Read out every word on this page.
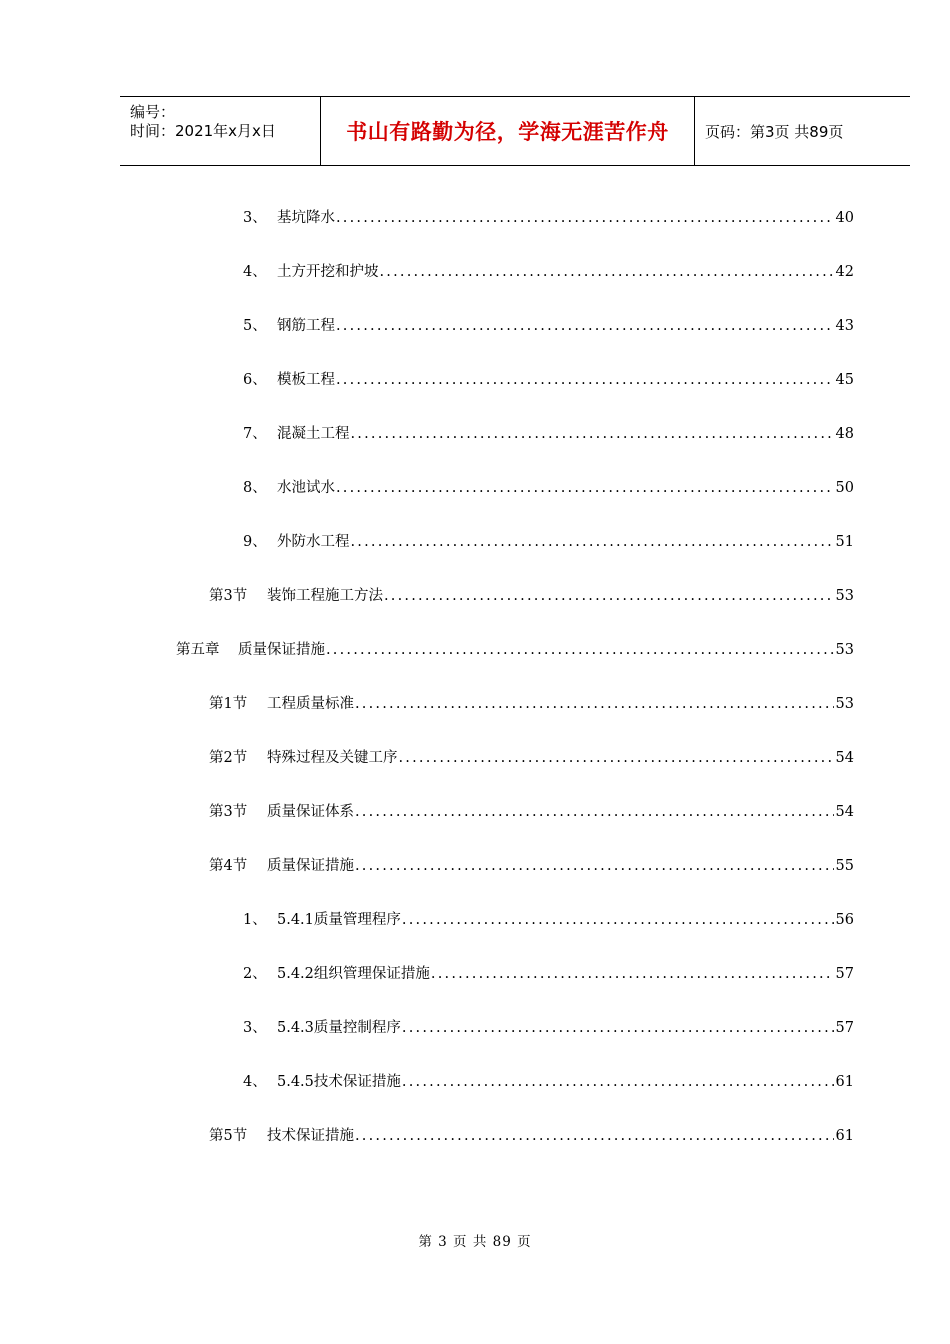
编号：
时间：2021年x月x日	书山有路勤为径，学海无涯苦作舟	页码：第3页 共89页
3、 基坑降水 .....	40
4、 土方开挖和护坡 .....	42
5、 钢筋工程 .....	43
6、 模板工程 .....	45
7、 混凝土工程 .....	48
8、 水池试水 .....	50
9、 外防水工程 .....	51
第3节	装饰工程施工方法 .....	53
第五章	质量保证措施 .....	53
第1节	工程质量标准 .....	53
第2节	特殊过程及关键工序 .....	54
第3节	质量保证体系 .....	54
第4节	质量保证措施 .....	55
1、 5.4.1质量管理程序 .....	56
2、 5.4.2组织管理保证措施 .....	57
3、 5.4.3质量控制程序 .....	57
4、 5.4.5技术保证措施 .....	61
第5节	技术保证措施 .....	61
第 3 页 共 89 页
